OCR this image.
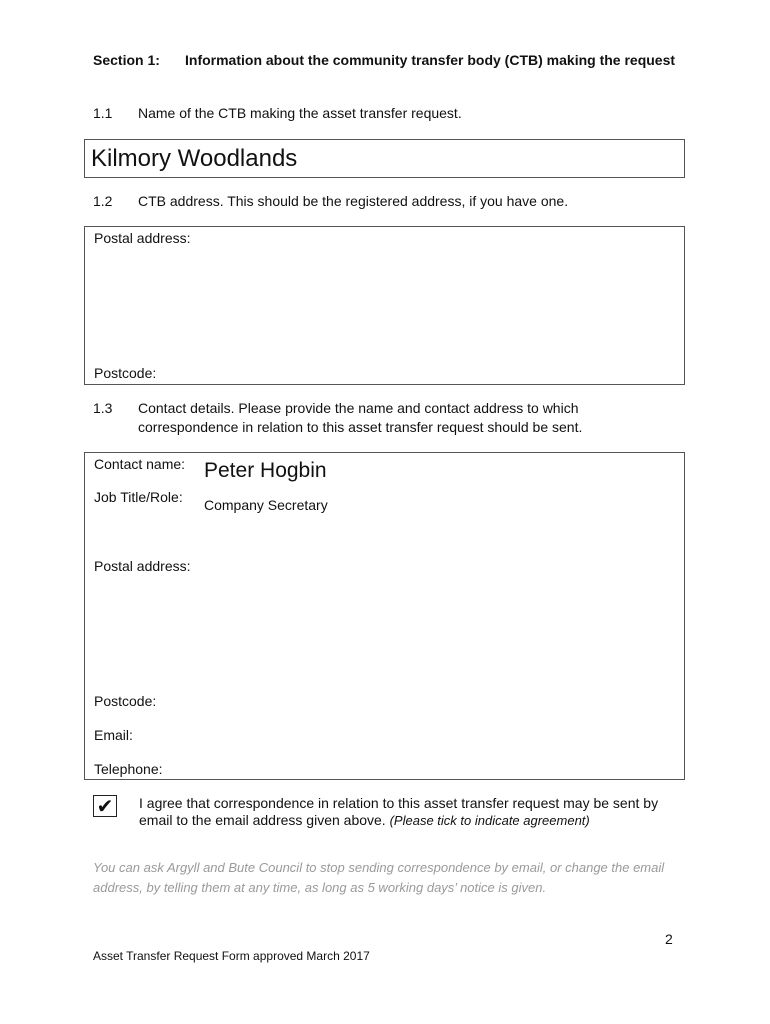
Section 1: Information about the community transfer body (CTB) making the request
1.1 Name of the CTB making the asset transfer request.
Kilmory Woodlands
1.2 CTB address. This should be the registered address, if you have one.
Postal address:
Postcode:
1.3 Contact details. Please provide the name and contact address to which correspondence in relation to this asset transfer request should be sent.
Contact name: Peter Hogbin
Job Title/Role: Company Secretary
Postal address:
Postcode:
Email:
Telephone:
✔ I agree that correspondence in relation to this asset transfer request may be sent by email to the email address given above. (Please tick to indicate agreement)
You can ask Argyll and Bute Council to stop sending correspondence by email, or change the email address, by telling them at any time, as long as 5 working days’ notice is given.
2
Asset Transfer Request Form approved March 2017
